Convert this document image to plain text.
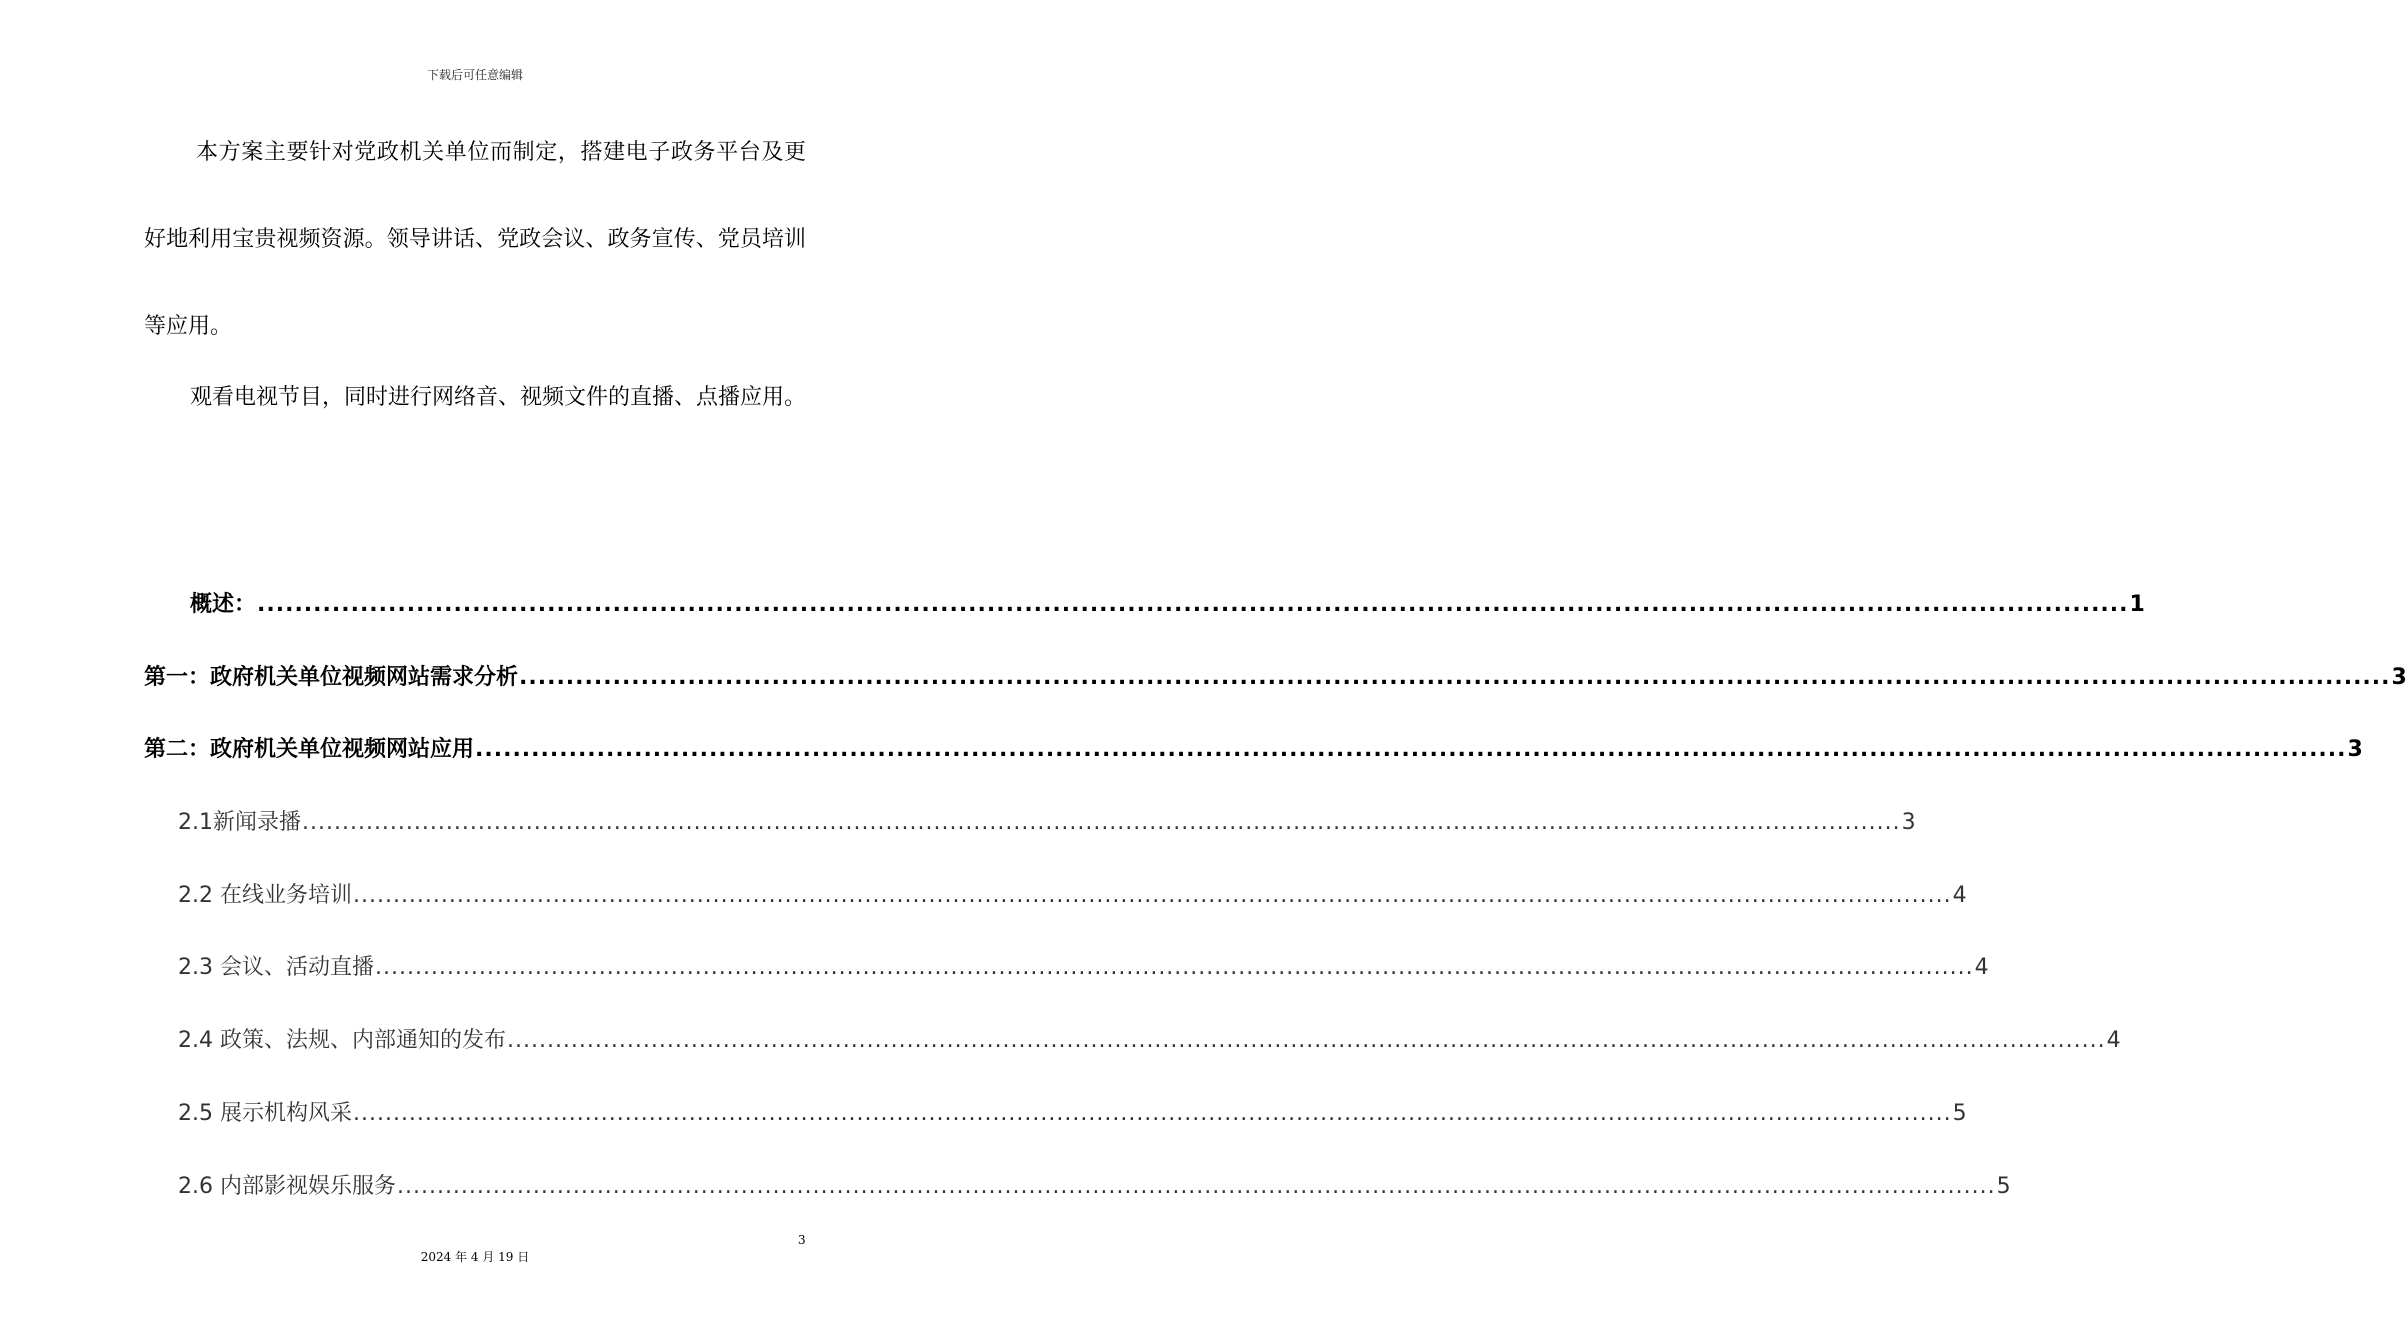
下载后可任意编辑
本方案主要针对党政机关单位而制定，搭建电子政务平台及更好地利用宝贵视频资源。领导讲话、党政会议、政务宣传、党员培训等应用。
观看电视节目，同时进行网络音、视频文件的直播、点播应用。
概述： ........................................................................................................................................................................................................ 1
第一：政府机关单位视频网站需求分析 ........................................................................................................................................................................................................ 3
第二：政府机关单位视频网站应用 ........................................................................................................................................................................................................ 3
2.1新闻录播 ........................................................................................................................................................................................................ 3
2.2 在线业务培训 ........................................................................................................................................................................................................ 4
2.3 会议、活动直播 ........................................................................................................................................................................................................ 4
2.4 政策、法规、内部通知的发布 ........................................................................................................................................................................................................ 4
2.5 展示机构风采 ........................................................................................................................................................................................................ 5
2.6 内部影视娱乐服务 ........................................................................................................................................................................................................ 5
3
2024 年 4 月 19 日
